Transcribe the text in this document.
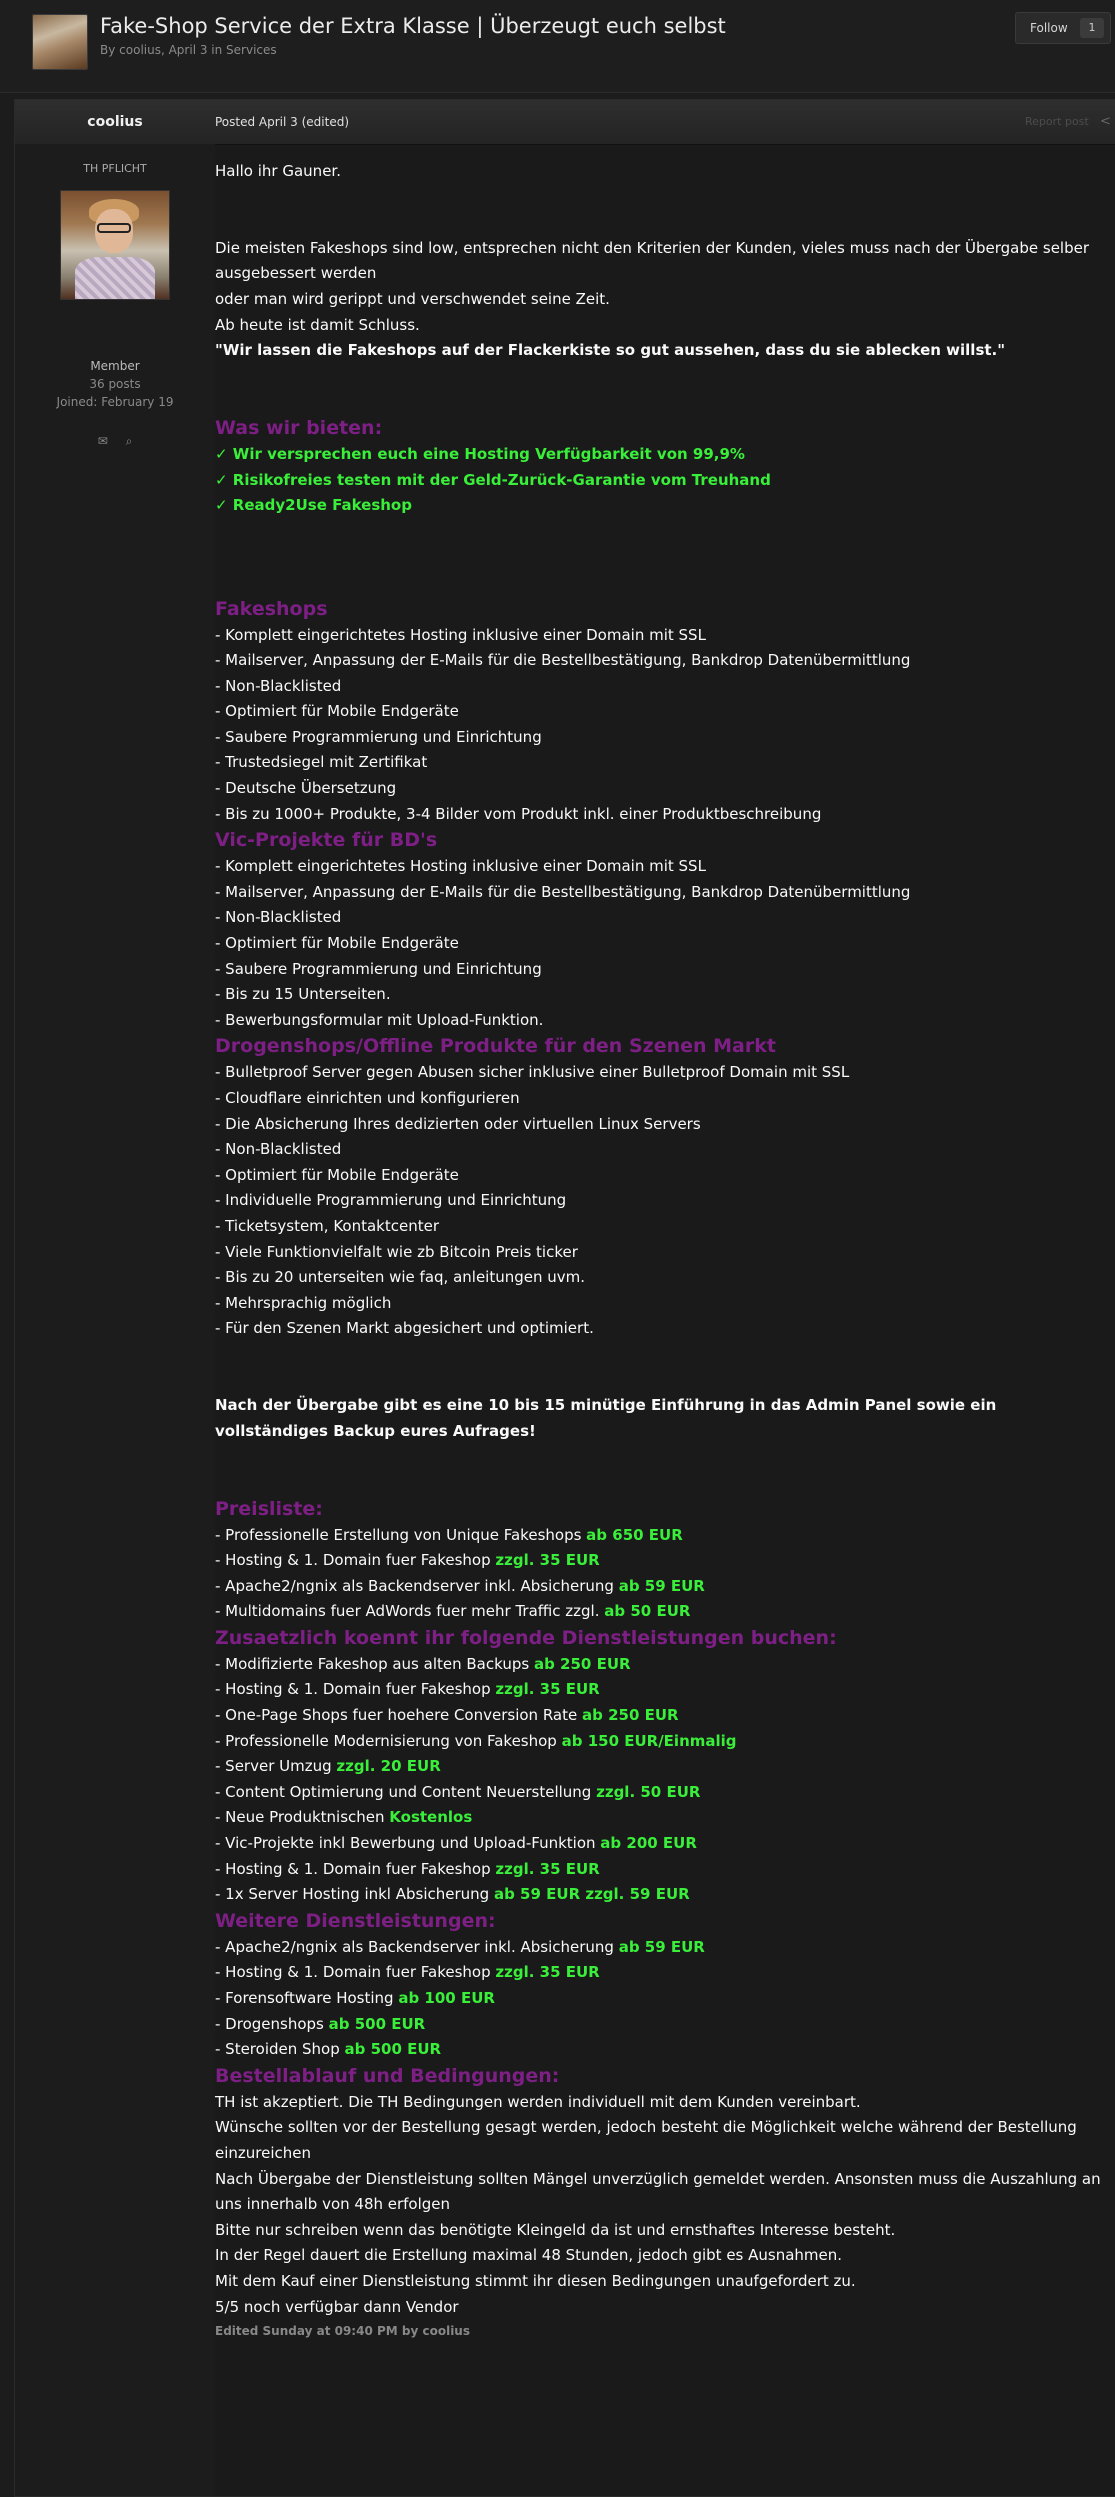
Fake-Shop Service der Extra Klasse | Überzeugt euch selbst
By coolius, April 3 in Services
Follow	1
coolius	Posted April 3 (edited)	Report post <
TH PFLICHT
Member
36 posts
Joined: February 19
✉ ⌕

Hallo ihr Gauner.

Die meisten Fakeshops sind low, entsprechen nicht den Kriterien der Kunden, vieles muss nach der Übergabe selber ausgebessert werden

oder man wird gerippt und verschwendet seine Zeit.

Ab heute ist damit Schluss.

"Wir lassen die Fakeshops auf der Flackerkiste so gut aussehen, dass du sie ablecken willst."

Was wir bieten:

✓ Wir versprechen euch eine Hosting Verfügbarkeit von 99,9%

✓ Risikofreies testen mit der Geld-Zurück-Garantie vom Treuhand

✓ Ready2Use Fakeshop

Fakeshops

- Komplett eingerichtetes Hosting inklusive einer Domain mit SSL

- Mailserver, Anpassung der E-Mails für die Bestellbestätigung, Bankdrop Datenübermittlung

- Non-Blacklisted

- Optimiert für Mobile Endgeräte

- Saubere Programmierung und Einrichtung

- Trustedsiegel mit Zertifikat

- Deutsche Übersetzung

- Bis zu 1000+ Produkte, 3-4 Bilder vom Produkt inkl. einer Produktbeschreibung

Vic-Projekte für BD's

- Komplett eingerichtetes Hosting inklusive einer Domain mit SSL

- Mailserver, Anpassung der E-Mails für die Bestellbestätigung, Bankdrop Datenübermittlung

- Non-Blacklisted

- Optimiert für Mobile Endgeräte

- Saubere Programmierung und Einrichtung

- Bis zu 15 Unterseiten.

- Bewerbungsformular mit Upload-Funktion.

Drogenshops/Offline Produkte für den Szenen Markt

- Bulletproof Server gegen Abusen sicher inklusive einer Bulletproof Domain mit SSL

- Cloudflare einrichten und konfigurieren

- Die Absicherung Ihres dedizierten oder virtuellen Linux Servers

- Non-Blacklisted

- Optimiert für Mobile Endgeräte

- Individuelle Programmierung und Einrichtung

- Ticketsystem, Kontaktcenter

- Viele Funktionvielfalt wie zb Bitcoin Preis ticker

- Bis zu 20 unterseiten wie faq, anleitungen uvm.

- Mehrsprachig möglich

- Für den Szenen Markt abgesichert und optimiert.

Nach der Übergabe gibt es eine 10 bis 15 minütige Einführung in das Admin Panel sowie ein vollständiges Backup eures Aufrages!

Preisliste:

- Professionelle Erstellung von Unique Fakeshops ab 650 EUR

- Hosting & 1. Domain fuer Fakeshop zzgl. 35 EUR

- Apache2/ngnix als Backendserver inkl. Absicherung ab 59 EUR

- Multidomains fuer AdWords fuer mehr Traffic zzgl. ab 50 EUR

Zusaetzlich koennt ihr folgende Dienstleistungen buchen:

- Modifizierte Fakeshop aus alten Backups ab 250 EUR

- Hosting & 1. Domain fuer Fakeshop zzgl. 35 EUR

- One-Page Shops fuer hoehere Conversion Rate ab 250 EUR

- Professionelle Modernisierung von Fakeshop ab 150 EUR/Einmalig

- Server Umzug zzgl. 20 EUR

- Content Optimierung und Content Neuerstellung zzgl. 50 EUR

- Neue Produktnischen Kostenlos

- Vic-Projekte inkl Bewerbung und Upload-Funktion ab 200 EUR

- Hosting & 1. Domain fuer Fakeshop zzgl. 35 EUR

- 1x Server Hosting inkl Absicherung ab 59 EUR zzgl. 59 EUR

Weitere Dienstleistungen:

- Apache2/ngnix als Backendserver inkl. Absicherung ab 59 EUR

- Hosting & 1. Domain fuer Fakeshop zzgl. 35 EUR

- Forensoftware Hosting ab 100 EUR

- Drogenshops ab 500 EUR

- Steroiden Shop ab 500 EUR

Bestellablauf und Bedingungen:

TH ist akzeptiert. Die TH Bedingungen werden individuell mit dem Kunden vereinbart.

Wünsche sollten vor der Bestellung gesagt werden, jedoch besteht die Möglichkeit welche während der Bestellung einzureichen

Nach Übergabe der Dienstleistung sollten Mängel unverzüglich gemeldet werden. Ansonsten muss die Auszahlung an uns innerhalb von 48h erfolgen

Bitte nur schreiben wenn das benötigte Kleingeld da ist und ernsthaftes Interesse besteht.

In der Regel dauert die Erstellung maximal 48 Stunden, jedoch gibt es Ausnahmen.

Mit dem Kauf einer Dienstleistung stimmt ihr diesen Bedingungen unaufgefordert zu.

5/5 noch verfügbar dann Vendor

Edited Sunday at 09:40 PM by coolius
